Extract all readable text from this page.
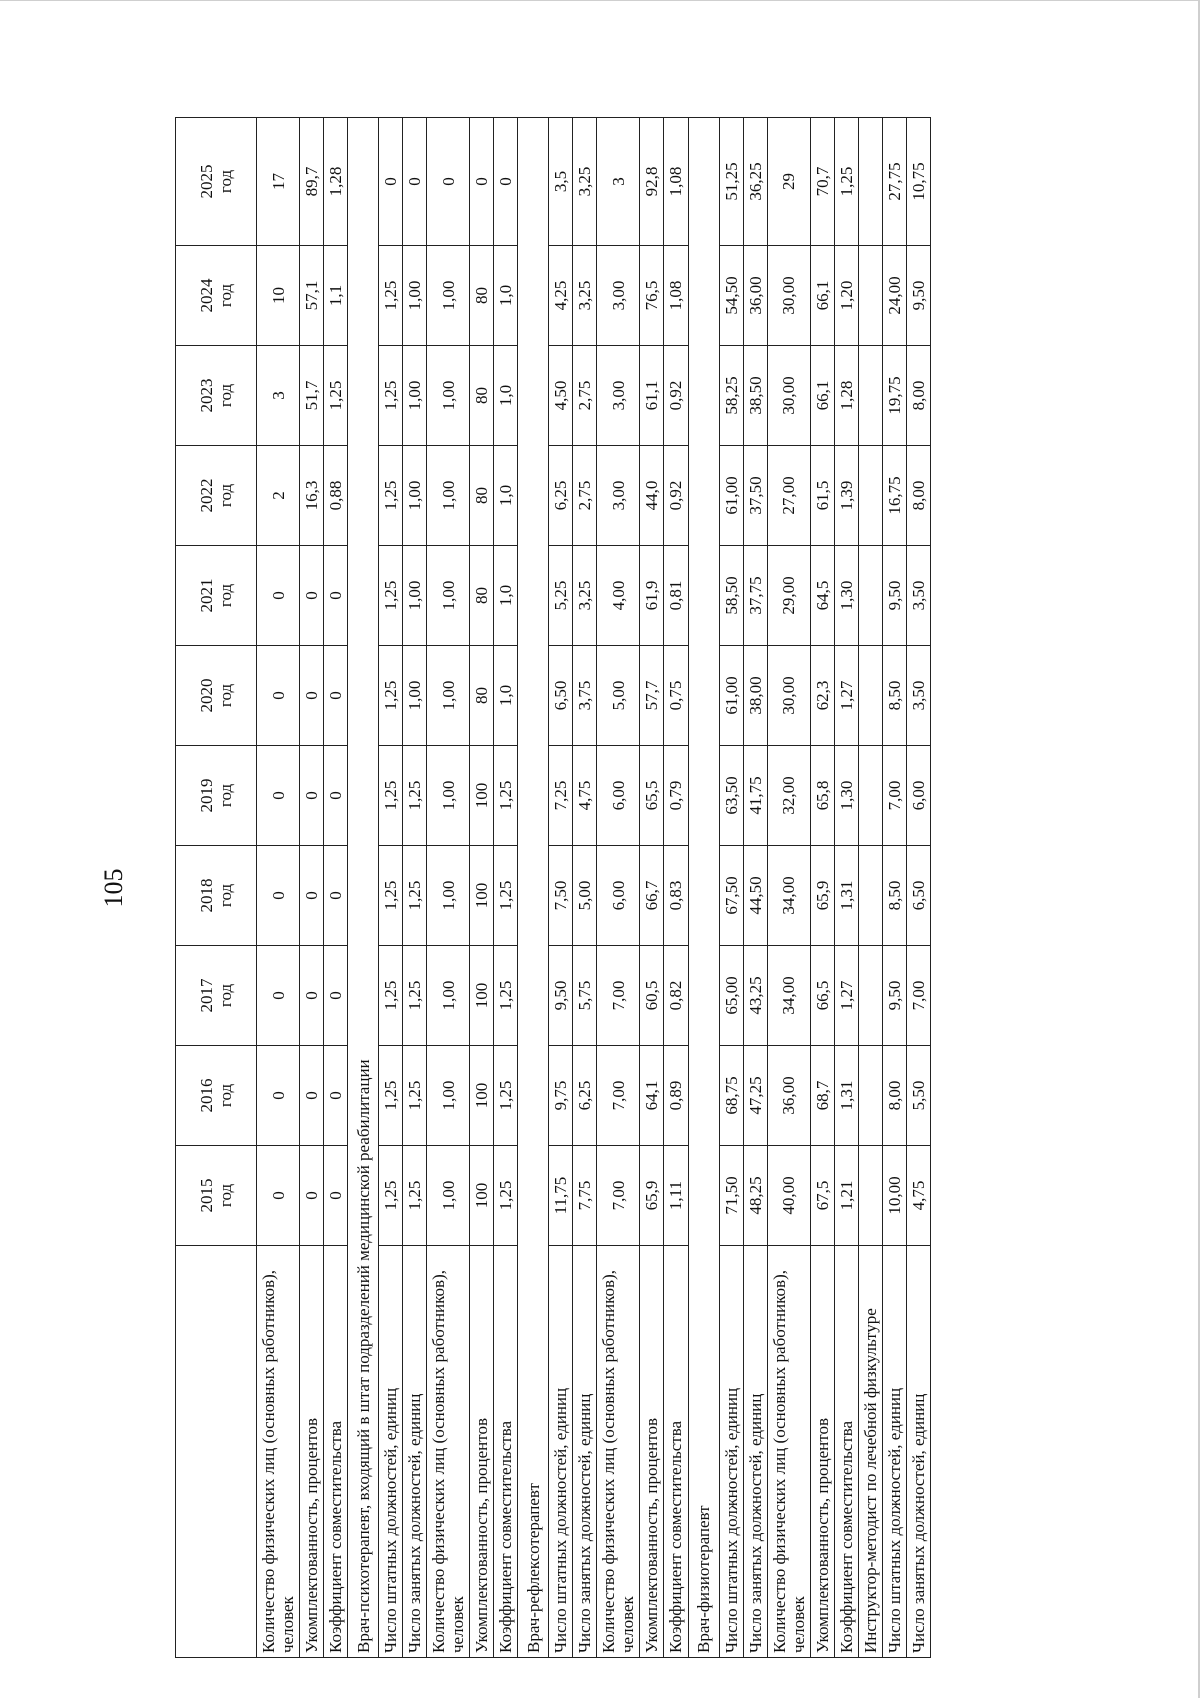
105

	2015 год	2016 год	2017 год	2018 год	2019 год	2020 год	2021 год	2022 год	2023 год	2024 год	2025 год

Количество физических лиц (основных работников), человек	0	0	0	0	0	0	0	2	3	10	17
Укомплектованность, процентов	0	0	0	0	0	0	0	16,3	51,7	57,1	89,7
Коэффициент совместительства	0	0	0	0	0	0	0	0,88	1,25	1,1	1,28
Врач-психотерапевт, входящий в штат подразделений медицинской реабилитации											
Число штатных должностей, единиц	1,25	1,25	1,25	1,25	1,25	1,25	1,25	1,25	1,25	1,25	0
Число занятых должностей, единиц	1,25	1,25	1,25	1,25	1,25	1,00	1,00	1,00	1,00	1,00	0
Количество физических лиц (основных работников), человек	1,00	1,00	1,00	1,00	1,00	1,00	1,00	1,00	1,00	1,00	0
Укомплектованность, процентов	100	100	100	100	100	80	80	80	80	80	0
Коэффициент совместительства	1,25	1,25	1,25	1,25	1,25	1,0	1,0	1,0	1,0	1,0	0
Врач-рефлексотерапевт											
Число штатных должностей, единиц	11,75	9,75	9,50	7,50	7,25	6,50	5,25	6,25	4,50	4,25	3,5
Число занятых должностей, единиц	7,75	6,25	5,75	5,00	4,75	3,75	3,25	2,75	2,75	3,25	3,25
Количество физических лиц (основных работников), человек	7,00	7,00	7,00	6,00	6,00	5,00	4,00	3,00	3,00	3,00	3
Укомплектованность, процентов	65,9	64,1	60,5	66,7	65,5	57,7	61,9	44,0	61,1	76,5	92,8
Коэффициент совместительства	1,11	0,89	0,82	0,83	0,79	0,75	0,81	0,92	0,92	1,08	1,08
Врач-физиотерапевт											
Число штатных должностей, единиц	71,50	68,75	65,00	67,50	63,50	61,00	58,50	61,00	58,25	54,50	51,25
Число занятых должностей, единиц	48,25	47,25	43,25	44,50	41,75	38,00	37,75	37,50	38,50	36,00	36,25
Количество физических лиц (основных работников), человек	40,00	36,00	34,00	34,00	32,00	30,00	29,00	27,00	30,00	30,00	29
Укомплектованность, процентов	67,5	68,7	66,5	65,9	65,8	62,3	64,5	61,5	66,1	66,1	70,7
Коэффициент совместительства	1,21	1,31	1,27	1,31	1,30	1,27	1,30	1,39	1,28	1,20	1,25
Инструктор-методист по лечебной физкультуре											
Число штатных должностей, единиц	10,00	8,00	9,50	8,50	7,00	8,50	9,50	16,75	19,75	24,00	27,75
Число занятых должностей, единиц	4,75	5,50	7,00	6,50	6,00	3,50	3,50	8,00	8,00	9,50	10,75
